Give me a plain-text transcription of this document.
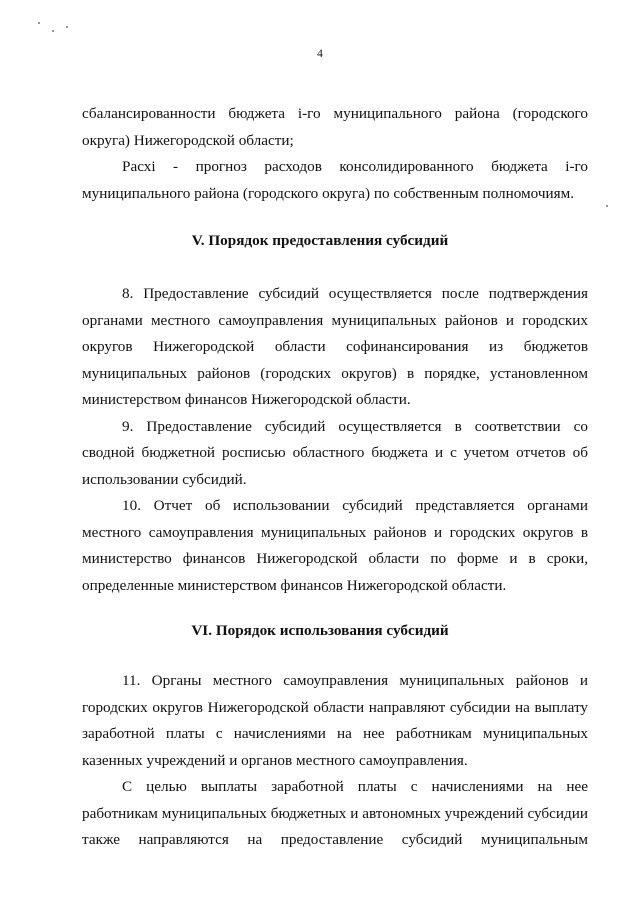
4

сбалансированности бюджета i-го муниципального района (городского

округа) Нижегородской области;

Расхi - прогноз расходов консолидированного бюджета i-го

муниципального района (городского округа) по собственным полномочиям.

V. Порядок предоставления субсидий

8. Предоставление субсидий осуществляется после подтверждения

органами местного самоуправления муниципальных районов и городских

округов Нижегородской области софинансирования из бюджетов

муниципальных районов (городских округов) в порядке, установленном

министерством финансов Нижегородской области.

9. Предоставление субсидий осуществляется в соответствии со

сводной бюджетной росписью областного бюджета и с учетом отчетов об

использовании субсидий.

10. Отчет об использовании субсидий представляется органами

местного самоуправления муниципальных районов и городских округов в

министерство финансов Нижегородской области по форме и в сроки,

определенные министерством финансов Нижегородской области.

VI. Порядок использования субсидий

11. Органы местного самоуправления муниципальных районов и

городских округов Нижегородской области направляют субсидии на выплату

заработной платы с начислениями на нее работникам муниципальных

казенных учреждений и органов местного самоуправления.

С целью выплаты заработной платы с начислениями на нее

работникам муниципальных бюджетных и автономных учреждений субсидии

также направляются на предоставление субсидий муниципальным
